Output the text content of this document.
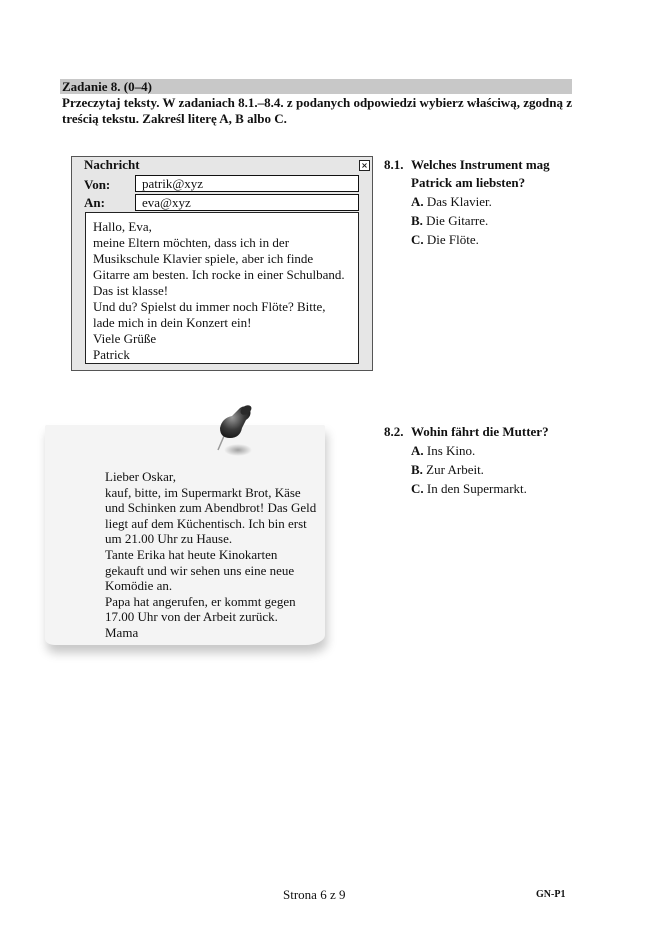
Zadanie 8. (0–4)
Przeczytaj teksty. W zadaniach 8.1.–8.4. z podanych odpowiedzi wybierz właściwą, zgodną z treścią tekstu. Zakreśl literę A, B albo C.
Nachricht	×
Von:	patrik@xyz
An:	eva@xyz
Hallo, Eva,
meine Eltern möchten, dass ich in der
Musikschule Klavier spiele, aber ich finde
Gitarre am besten. Ich rocke in einer Schulband.
Das ist klasse!
Und du? Spielst du immer noch Flöte? Bitte,
lade mich in dein Konzert ein!
Viele Grüße
Patrick
8.1. Welches Instrument mag
Patrick am liebsten?
A. Das Klavier.
B. Die Gitarre.
C. Die Flöte.
Lieber Oskar,
kauf, bitte, im Supermarkt Brot, Käse
und Schinken zum Abendbrot! Das Geld
liegt auf dem Küchentisch. Ich bin erst
um 21.00 Uhr zu Hause.
Tante Erika hat heute Kinokarten
gekauft und wir sehen uns eine neue
Komödie an.
Papa hat angerufen, er kommt gegen
17.00 Uhr von der Arbeit zurück.
Mama
8.2. Wohin fährt die Mutter?
A. Ins Kino.
B. Zur Arbeit.
C. In den Supermarkt.
Strona 6 z 9	GN-P1
